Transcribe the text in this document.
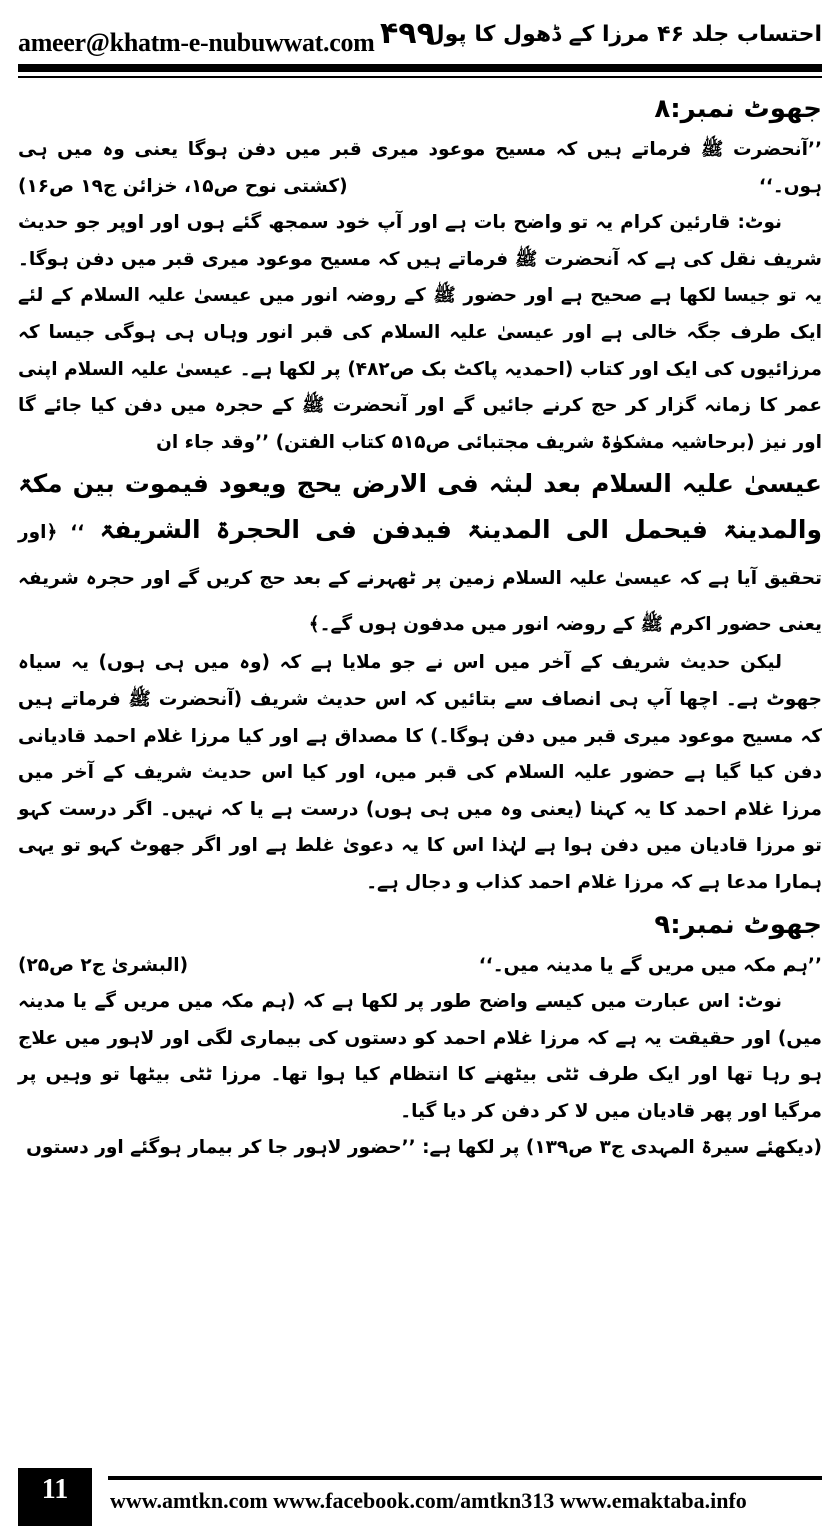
ameer@khatm-e-nubuwwat.com ۴۹۹
احتساب جلد ۴۶ مرزا کے ڈھول کا پول

جھوٹ نمبر:۸

’’آنحضرت ﷺ فرماتے ہیں کہ مسیح موعود میری قبر میں دفن ہوگا یعنی وہ میں ہی ہوں۔‘‘
(کشتی نوح ص۱۵، خزائن ج۱۹ ص۱۶)

نوٹ: قارئین کرام یہ تو واضح بات ہے اور آپ خود سمجھ گئے ہوں اور اوپر جو حدیث شریف نقل کی ہے کہ آنحضرت ﷺ فرماتے ہیں کہ مسیح موعود میری قبر میں دفن ہوگا۔ یہ تو جیسا لکھا ہے صحیح ہے اور حضور ﷺ کے روضہ انور میں عیسیٰ علیہ السلام کے لئے ایک طرف جگہ خالی ہے اور عیسیٰ علیہ السلام کی قبر انور وہاں ہی ہوگی جیسا کہ مرزائیوں کی ایک اور کتاب (احمدیہ پاکٹ بک ص۴۸۲) پر لکھا ہے۔ عیسیٰ علیہ السلام اپنی عمر کا زمانہ گزار کر حج کرنے جائیں گے اور آنحضرت ﷺ کے حجرہ میں دفن کیا جائے گا اور نیز (برحاشیہ مشکوٰۃ شریف مجتبائی ص۵۱۵ کتاب الفتن) ’’وقد جاء ان

عیسیٰ علیہ السلام بعد لبثہ فی الارض یحج ویعود فیموت بین مکۃ والمدینۃ فیحمل الی المدینۃ فیدفن فی الحجرۃ الشریفۃ ‘‘ ﴿اور تحقیق آیا ہے کہ عیسیٰ علیہ السلام زمین پر ٹھہرنے کے بعد حج کریں گے اور حجرہ شریفہ یعنی حضور اکرم ﷺ کے روضہ انور میں مدفون ہوں گے۔﴾

لیکن حدیث شریف کے آخر میں اس نے جو ملایا ہے کہ (وہ میں ہی ہوں) یہ سیاہ جھوٹ ہے۔ اچھا آپ ہی انصاف سے بتائیں کہ اس حدیث شریف (آنحضرت ﷺ فرماتے ہیں کہ مسیح موعود میری قبر میں دفن ہوگا۔) کا مصداق ہے اور کیا مرزا غلام احمد قادیانی دفن کیا گیا ہے حضور علیہ السلام کی قبر میں، اور کیا اس حدیث شریف کے آخر میں مرزا غلام احمد کا یہ کہنا (یعنی وہ میں ہی ہوں) درست ہے یا کہ نہیں۔ اگر درست کہو تو مرزا قادیان میں دفن ہوا ہے لہٰذا اس کا یہ دعویٰ غلط ہے اور اگر جھوٹ کہو تو یہی ہمارا مدعا ہے کہ مرزا غلام احمد کذاب و دجال ہے۔

جھوٹ نمبر:۹

’’ہم مکہ میں مریں گے یا مدینہ میں۔‘‘
(البشریٰ ج۲ ص۲۵)

نوٹ: اس عبارت میں کیسے واضح طور پر لکھا ہے کہ (ہم مکہ میں مریں گے یا مدینہ میں) اور حقیقت یہ ہے کہ مرزا غلام احمد کو دستوں کی بیماری لگی اور لاہور میں علاج ہو رہا تھا اور ایک طرف ٹٹی بیٹھنے کا انتظام کیا ہوا تھا۔ مرزا ٹٹی بیٹھا تو وہیں پر مرگیا اور پھر قادیان میں لا کر دفن کر دیا گیا۔

(دیکھئے سیرۃ المہدی ج۳ ص۱۳۹) پر لکھا ہے: ’’حضور لاہور جا کر بیمار ہوگئے اور دستوں

11	www.amtkn.com www.facebook.com/amtkn313 www.emaktaba.info
